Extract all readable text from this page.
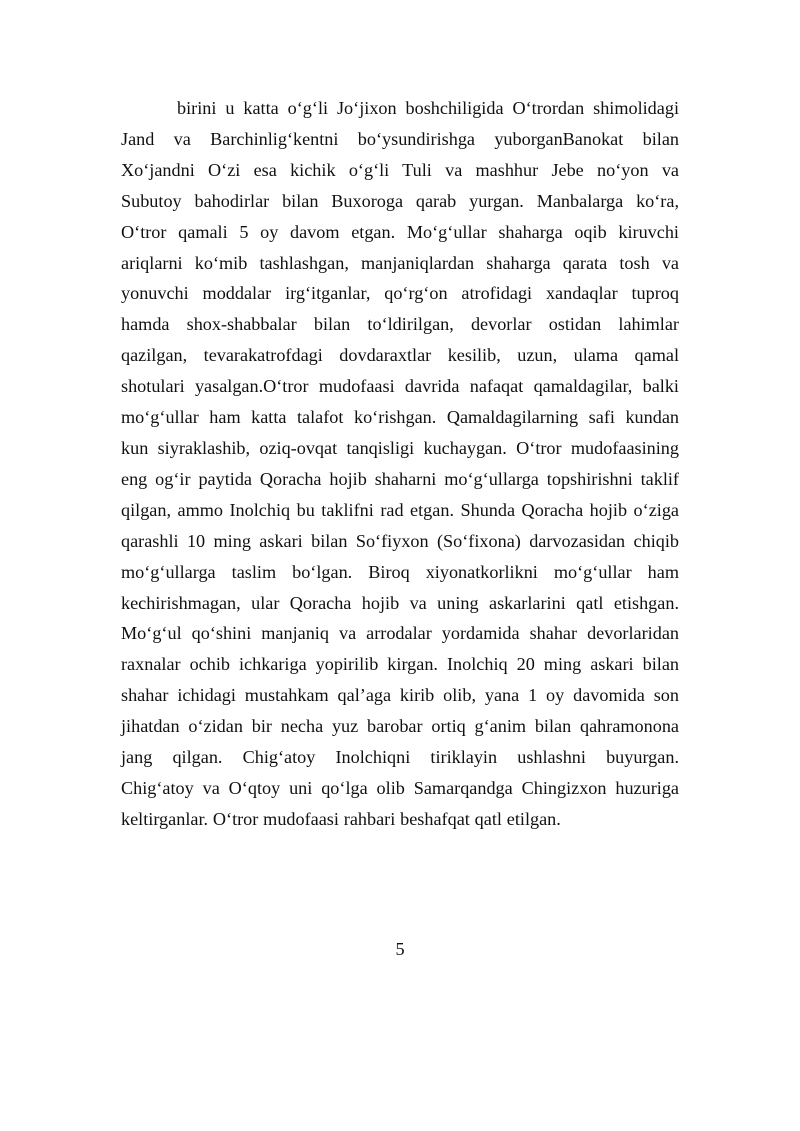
birini u katta o‘g‘li Jo‘jixon boshchiligida O‘trordan shimolidagi
Jand va Barchinlig‘kentni bo‘ysundirishga yuborganBanokat bilan
Xo‘jandni O‘zi esa kichik o‘g‘li Tuli va mashhur Jebe no‘yon va
Subutoy bahodirlar bilan Buxoroga qarab yurgan. Manbalarga ko‘ra,
O‘tror qamali 5 oy davom etgan. Mo‘g‘ullar shaharga oqib kiruvchi
ariqlarni ko‘mib tashlashgan, manjaniqlardan shaharga qarata tosh va
yonuvchi moddalar irg‘itganlar, qo‘rg‘on atrofidagi xandaqlar tuproq
hamda shox-shabbalar bilan to‘ldirilgan, devorlar ostidan lahimlar
qazilgan, tevarakatrofdagi dovdaraxtlar kesilib, uzun, ulama qamal
shotulari yasalgan.O‘tror mudofaasi davrida nafaqat qamaldagilar, balki
mo‘g‘ullar ham katta talafot ko‘rishgan. Qamaldagilarning safi kundan
kun siyraklashib, oziq-ovqat tanqisligi kuchaygan. O‘tror mudofaasining
eng og‘ir paytida Qoracha hojib shaharni mo‘g‘ullarga topshirishni taklif
qilgan, ammo Inolchiq bu taklifni rad etgan. Shunda Qoracha hojib o‘ziga
qarashli 10 ming askari bilan So‘fiyxon (So‘fixona) darvozasidan chiqib
mo‘g‘ullarga taslim bo‘lgan. Biroq xiyonatkorlikni mo‘g‘ullar ham
kechirishmagan, ular Qoracha hojib va uning askarlarini qatl etishgan.
Mo‘g‘ul qo‘shini manjaniq va arrodalar yordamida shahar devorlaridan
raxnalar ochib ichkariga yopirilib kirgan. Inolchiq 20 ming askari bilan
shahar ichidagi mustahkam qal’aga kirib olib, yana 1 oy davomida son
jihatdan o‘zidan bir necha yuz barobar ortiq g‘anim bilan qahramonona
jang qilgan. Chig‘atoy Inolchiqni tiriklayin ushlashni buyurgan.
Chig‘atoy va O‘qtoy uni qo‘lga olib Samarqandga Chingizxon huzuriga
keltirganlar. O‘tror mudofaasi rahbari beshafqat qatl etilgan.

5
